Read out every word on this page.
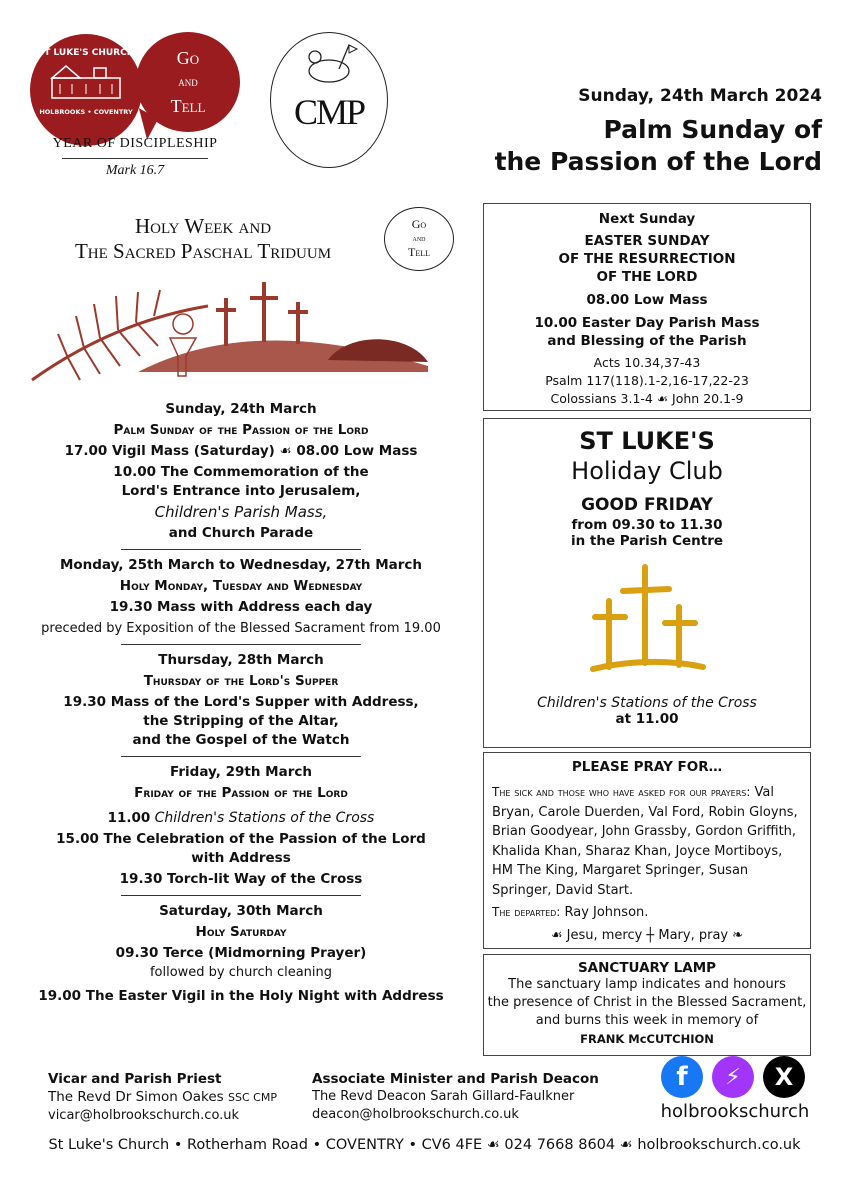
ST LUKE'S CHURCH
HOLBROOKS • COVENTRY
Go
and
Tell
YEAR OF DISCIPLESHIP
Mark 16.7
CMP	Sunday, 24th March 2024
Palm Sunday of
the Passion of the Lord
Holy Week and
The Sacred Paschal Triduum
Go
and
Tell
Sunday, 24th March
Palm Sunday of the Passion of the Lord
17.00 Vigil Mass (Saturday) ☙ 08.00 Low Mass
10.00 The Commemoration of the
Lord's Entrance into Jerusalem,
Children's Parish Mass,
and Church Parade
Monday, 25th March to Wednesday, 27th March
Holy Monday, Tuesday and Wednesday
19.30 Mass with Address each day
preceded by Exposition of the Blessed Sacrament from 19.00
Thursday, 28th March
Thursday of the Lord's Supper
19.30 Mass of the Lord's Supper with Address,
the Stripping of the Altar,
and the Gospel of the Watch
Friday, 29th March
Friday of the Passion of the Lord
11.00 Children's Stations of the Cross
15.00 The Celebration of the Passion of the Lord
with Address
19.30 Torch-lit Way of the Cross
Saturday, 30th March
Holy Saturday
09.30 Terce (Midmorning Prayer)
followed by church cleaning
19.00 The Easter Vigil in the Holy Night with Address
Next Sunday
EASTER SUNDAY
OF THE RESURRECTION
OF THE LORD
08.00 Low Mass
10.00 Easter Day Parish Mass
and Blessing of the Parish
Acts 10.34,37-43
Psalm 117(118).1-2,16-17,22-23
Colossians 3.1-4 ☙ John 20.1-9
ST LUKE'S
Holiday Club
GOOD FRIDAY
from 09.30 to 11.30
in the Parish Centre
Children's Stations of the Cross
at 11.00
PLEASE PRAY FOR…
The sick and those who have asked for our prayers: Val Bryan, Carole Duerden, Val Ford, Robin Gloyns, Brian Goodyear, John Grassby, Gordon Griffith, Khalida Khan, Sharaz Khan, Joyce Mortiboys, HM The King, Margaret Springer, Susan Springer, David Start.
The departed: Ray Johnson.
☙ Jesu, mercy ┼ Mary, pray ❧
SANCTUARY LAMP
The sanctuary lamp indicates and honours
the presence of Christ in the Blessed Sacrament,
and burns this week in memory of
FRANK McCUTCHION
Vicar and Parish Priest
The Revd Dr Simon Oakes SSC CMP
vicar@holbrookschurch.co.uk
Associate Minister and Parish Deacon
The Revd Deacon Sarah Gillard-Faulkner
deacon@holbrookschurch.co.uk
f	⚡	X
holbrookschurch
St Luke's Church • Rotherham Road • COVENTRY • CV6 4FE ☙ 024 7668 8604 ☙ holbrookschurch.co.uk
